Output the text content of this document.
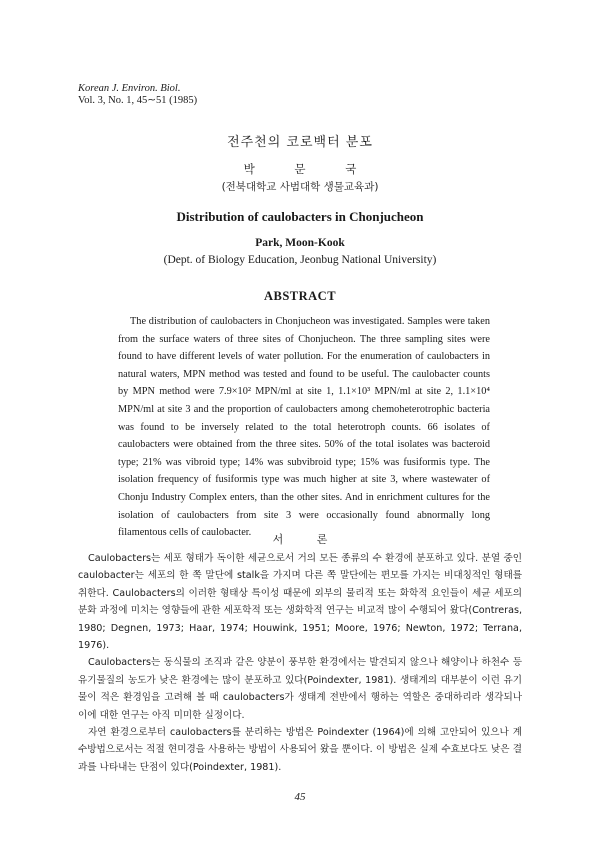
Korean J. Environ. Biol.
Vol. 3, No. 1, 45∼51 (1985)
전주천의 코로백터 분포
박 문 국
(전북대학교 사범대학 생물교육과)
Distribution of caulobacters in Chonjucheon
Park, Moon-Kook
(Dept. of Biology Education, Jeonbug National University)
ABSTRACT

The distribution of caulobacters in Chonjucheon was investigated. Samples were taken from the surface waters of three sites of Chonjucheon. The three sampling sites were found to have different levels of water pollution. For the enumeration of caulobacters in natural waters, MPN method was tested and found to be useful. The caulobacter counts by MPN method were 7.9×10² MPN/ml at site 1, 1.1×10³ MPN/ml at site 2, 1.1×10⁴ MPN/ml at site 3 and the proportion of caulobacters among chemoheterotrophic bacteria was found to be inversely related to the total heterotroph counts. 66 isolates of caulobacters were obtained from the three sites. 50% of the total isolates was bacteroid type; 21% was vibroid type; 14% was subvibroid type; 15% was fusiformis type. The isolation frequency of fusiformis type was much higher at site 3, where wastewater of Chonju Industry Complex enters, than the other sites. And in enrichment cultures for the isolation of caulobacters from site 3 were occasionally found abnormally long filamentous cells of caulobacter.

서 론

Caulobacters는 세포 형태가 독이한 세균으로서 거의 모든 종류의 수 환경에 분포하고 있다. 분열 중인 caulobacter는 세포의 한 쪽 말단에 stalk을 가지며 다른 쪽 말단에는 편모를 가지는 비대칭적인 형태를 취한다. Caulobacters의 이러한 형태상 특이성 때문에 외부의 물리적 또는 화학적 요인들이 세균 세포의 분화 과정에 미치는 영향들에 관한 세포학적 또는 생화학적 연구는 비교적 많이 수행되어 왔다(Contreras, 1980; Degnen, 1973; Haar, 1974; Houwink, 1951; Moore, 1976; Newton, 1972; Terrana, 1976).

Caulobacters는 동식물의 조직과 같은 양분이 풍부한 환경에서는 발견되지 않으나 해양이나 하천수 등 유기물질의 농도가 낮은 환경에는 많이 분포하고 있다(Poindexter, 1981). 생태계의 대부분이 이런 유기물이 적은 환경임을 고려해 볼 때 caulobacters가 생태계 전반에서 행하는 역할은 중대하리라 생각되나 이에 대한 연구는 아직 미미한 실정이다.

자연 환경으로부터 caulobacters를 분리하는 방법은 Poindexter (1964)에 의해 고안되어 있으나 계수방법으로서는 적절 현미경을 사용하는 방법이 사용되어 왔을 뿐이다. 이 방법은 실제 수효보다도 낮은 결과를 나타내는 단점이 있다(Poindexter, 1981).

45
